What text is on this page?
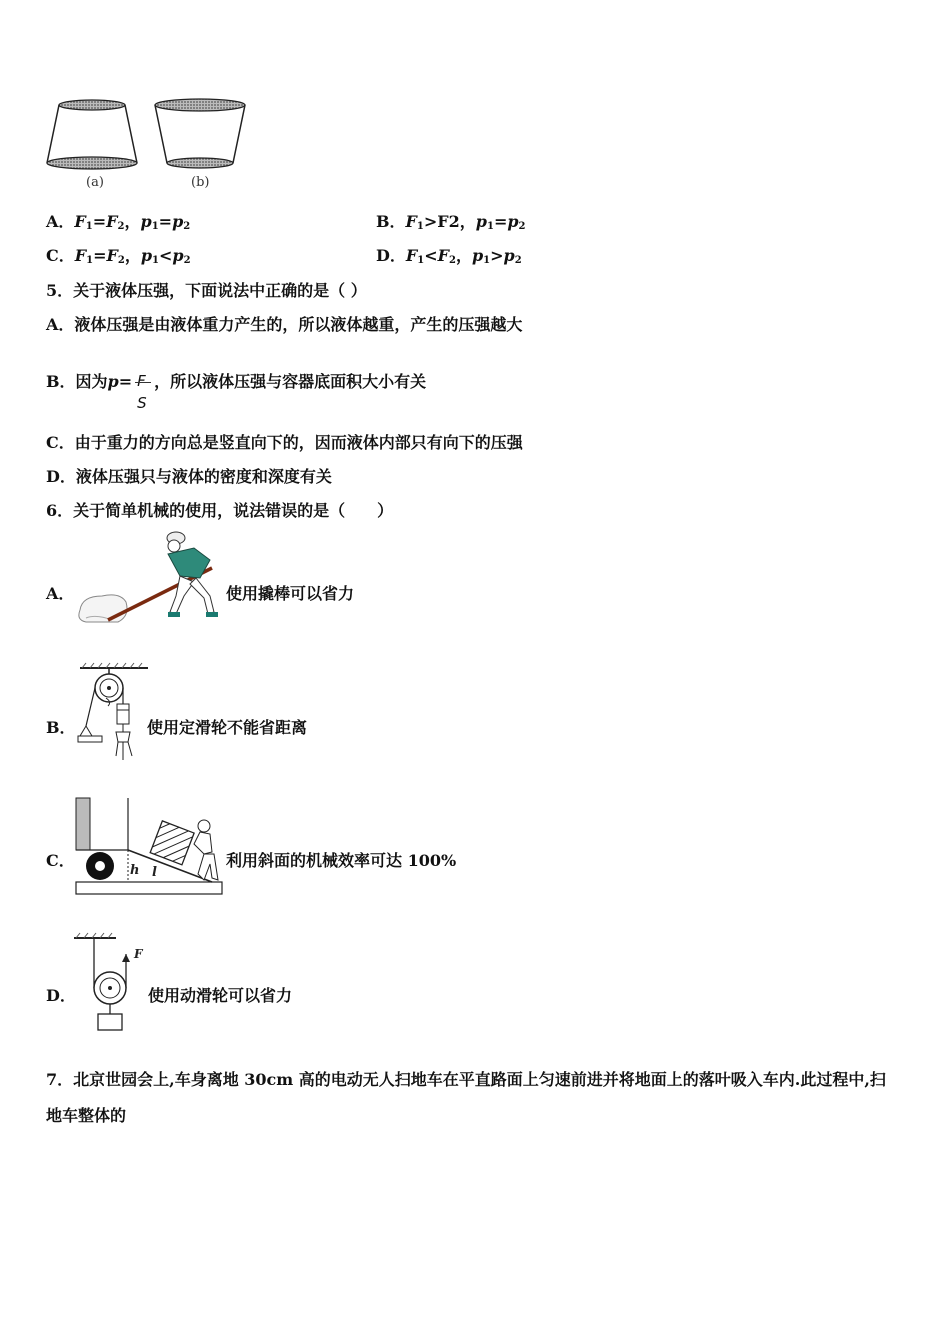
(a)	(b)
A．$F_1=F_2$，$p_1=p_2$	B．$F_1>F2$，$p_1=p_2$
C．$F_1=F_2$，$p_1<p_2$	D．$F_1<F_2$，$p_1>p_2$
5．关于液体压强，下面说法中正确的是（ ）
A．液体压强是由液体重力产生的，所以液体越重，产生的压强越大
B．因为p= F
S
，所以液体压强与容器底面积大小有关
C．由于重力的方向总是竖直向下的，因而液体内部只有向下的压强
D．液体压强只与液体的密度和深度有关
6．关于简单机械的使用，说法错误的是（　　）
A．	使用撬棒可以省力
B．	使用定滑轮不能省距离
C．
h l
利用斜面的机械效率可达 100%
D．
F
使用动滑轮可以省力
7．北京世园会上,车身离地 30cm 高的电动无人扫地车在平直路面上匀速前进并将地面上的落叶吸入车内.此过程中,扫
地车整体的
